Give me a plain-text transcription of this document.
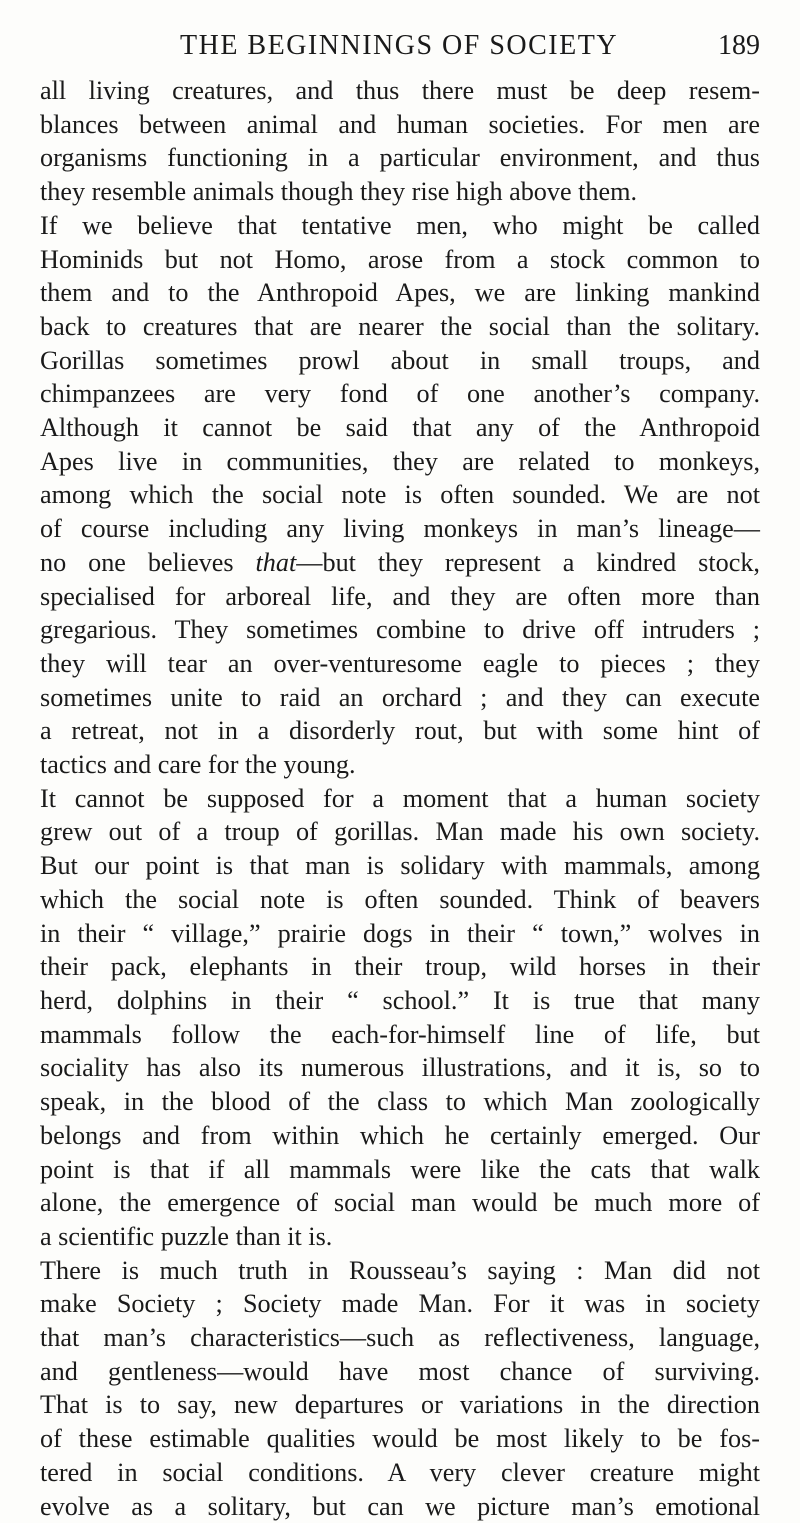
THE BEGINNINGS OF SOCIETY	189
all living creatures, and thus there must be deep resem-
blances between animal and human societies. For men are
organisms functioning in a particular environment, and thus
they resemble animals though they rise high above them.
If we believe that tentative men, who might be called
Hominids but not Homo, arose from a stock common to
them and to the Anthropoid Apes, we are linking mankind
back to creatures that are nearer the social than the solitary.
Gorillas sometimes prowl about in small troups, and
chimpanzees are very fond of one another’s company.
Although it cannot be said that any of the Anthropoid
Apes live in communities, they are related to monkeys,
among which the social note is often sounded. We are not
of course including any living monkeys in man’s lineage—
no one believes that—but they represent a kindred stock,
specialised for arboreal life, and they are often more than
gregarious. They sometimes combine to drive off intruders ;
they will tear an over-venturesome eagle to pieces ; they
sometimes unite to raid an orchard ; and they can execute
a retreat, not in a disorderly rout, but with some hint of
tactics and care for the young.
It cannot be supposed for a moment that a human society
grew out of a troup of gorillas. Man made his own society.
But our point is that man is solidary with mammals, among
which the social note is often sounded. Think of beavers
in their “ village,” prairie dogs in their “ town,” wolves in
their pack, elephants in their troup, wild horses in their
herd, dolphins in their “ school.” It is true that many
mammals follow the each-for-himself line of life, but
sociality has also its numerous illustrations, and it is, so to
speak, in the blood of the class to which Man zoologically
belongs and from within which he certainly emerged. Our
point is that if all mammals were like the cats that walk
alone, the emergence of social man would be much more of
a scientific puzzle than it is.
There is much truth in Rousseau’s saying : Man did not
make Society ; Society made Man. For it was in society
that man’s characteristics—such as reflectiveness, language,
and gentleness—would have most chance of surviving.
That is to say, new departures or variations in the direction
of these estimable qualities would be most likely to be fos-
tered in social conditions. A very clever creature might
evolve as a solitary, but can we picture man’s emotional
